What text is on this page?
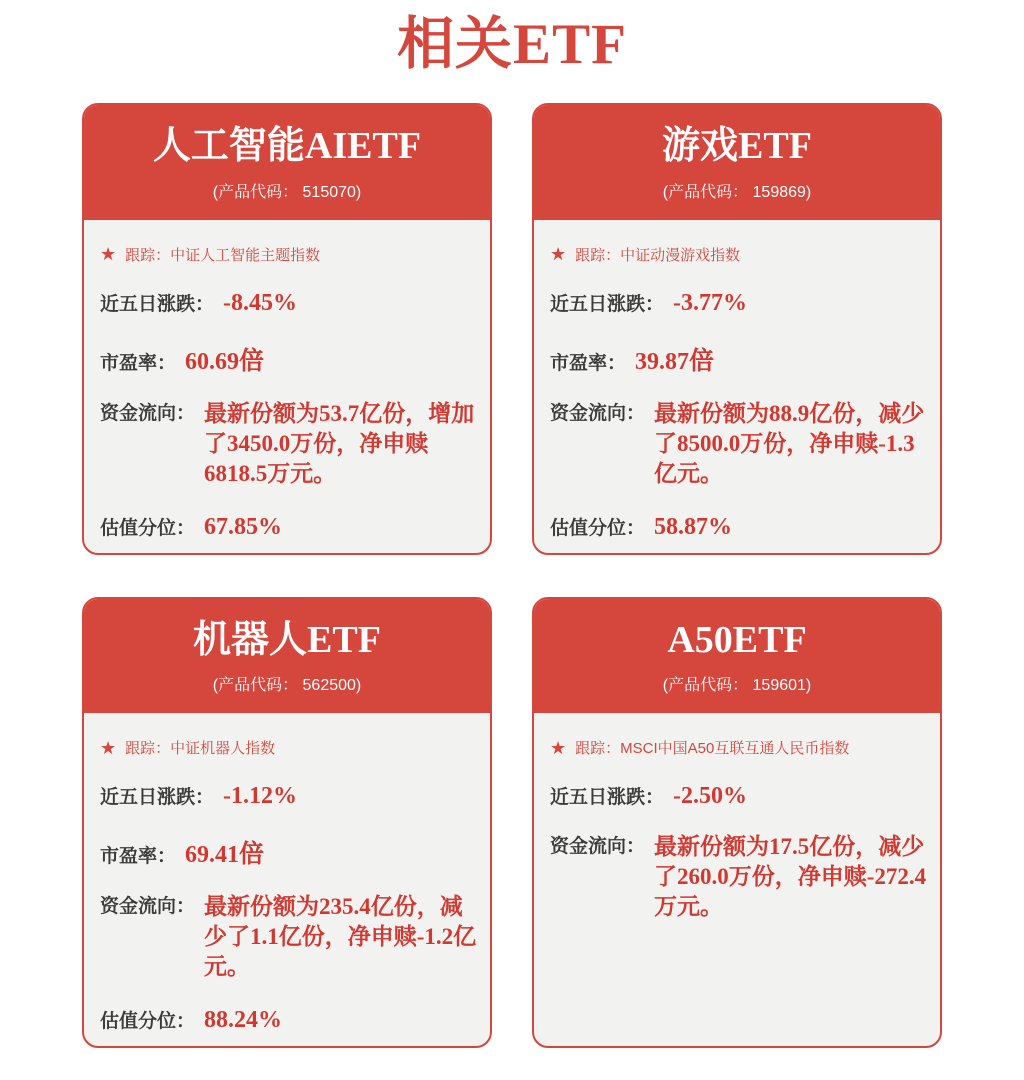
相关ETF
人工智能AIETF
(产品代码： 515070)
★ 跟踪： 中证人工智能主题指数
近五日涨跌： -8.45%
市盈率： 60.69 倍
资金流向： 最新份额为53.7亿份，增加了3450.0万份，净申赎6818.5万元。
估值分位： 67.85%
游戏ETF
(产品代码： 159869)
★ 跟踪： 中证动漫游戏指数
近五日涨跌： -3.77%
市盈率： 39.87 倍
资金流向： 最新份额为88.9亿份，减少了8500.0万份，净申赎-1.3亿元。
估值分位： 58.87%
机器人ETF
(产品代码： 562500)
★ 跟踪： 中证机器人指数
近五日涨跌： -1.12%
市盈率： 69.41 倍
资金流向： 最新份额为235.4亿份，减少了1.1亿份，净申赎-1.2亿元。
估值分位： 88.24%
A50ETF
(产品代码： 159601)
★ 跟踪： MSCI中国A50互联互通人民币指数
近五日涨跌： -2.50%
资金流向： 最新份额为17.5亿份，减少了260.0万份，净申赎-272.4万元。
